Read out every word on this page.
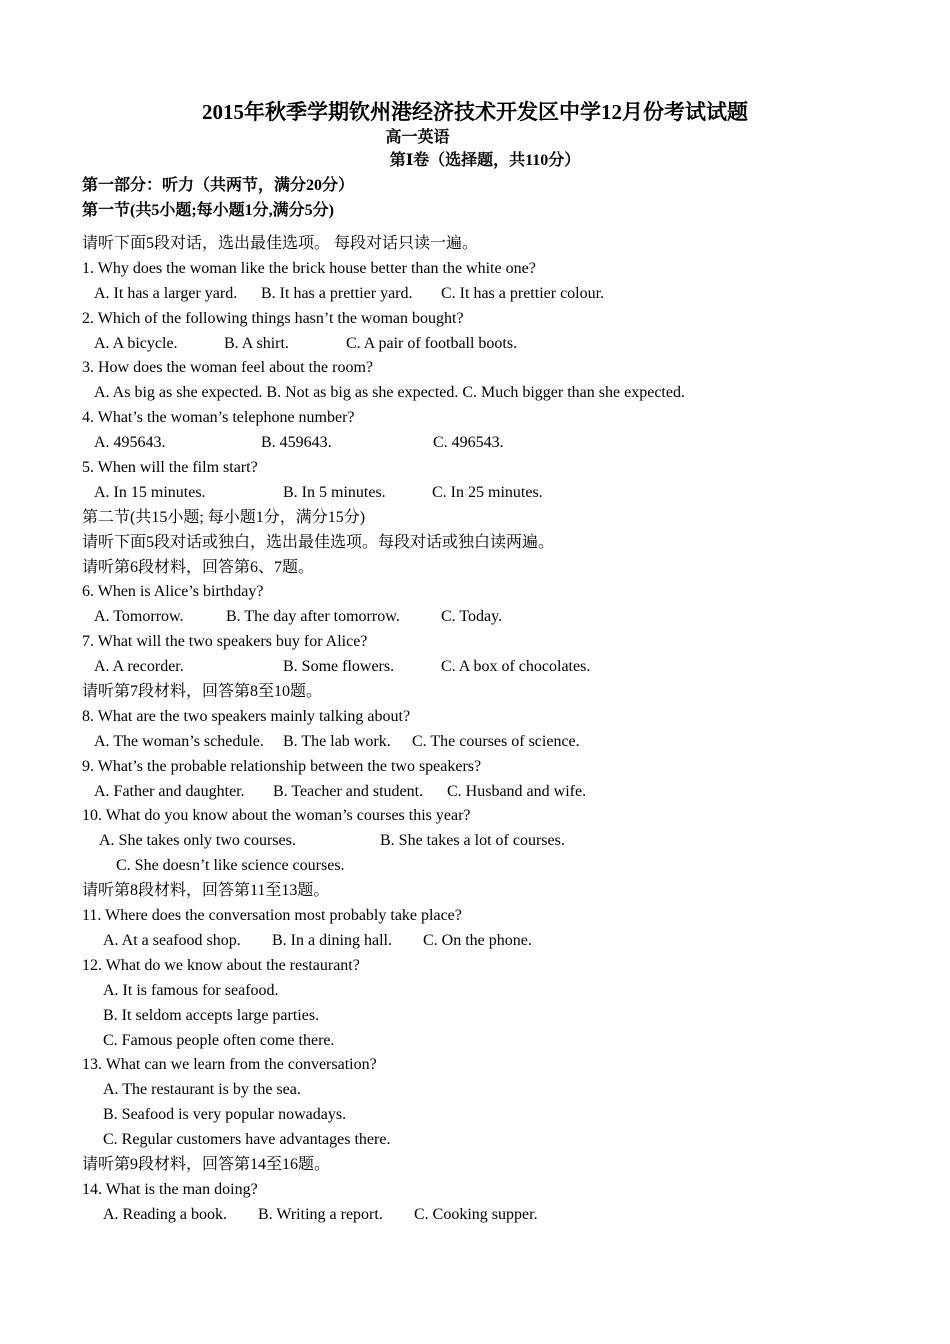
2015年秋季学期钦州港经济技术开发区中学12月份考试试题
高一英语
第Ⅰ卷（选择题，共110分）
第一部分：听力（共两节，满分20分）
第一节(共5小题;每小题1分,满分5分)
请听下面5段对话，选出最佳选项。 每段对话只读一遍。
1. Why does the woman like the brick house better than the white one?
A. It has a larger yard. B. It has a prettier yard. C. It has a prettier colour.
2. Which of the following things hasn’t the woman bought?
A. A bicycle.	B. A shirt.	C. A pair of football boots.
3. How does the woman feel about the room?
A. As big as she expected. B. Not as big as she expected. C. Much bigger than she expected.
4. What’s the woman’s telephone number?
A. 495643.	B. 459643.	C. 496543.
5. When will the film start?
A. In 15 minutes.	B. In 5 minutes.	C. In 25 minutes.
第二节(共15小题; 每小题1分，满分15分)
请听下面5段对话或独白，选出最佳选项。每段对话或独白读两遍。
请听第6段材料，回答第6、7题。
6. When is Alice’s birthday?
A. Tomorrow.	B. The day after tomorrow.	C. Today.
7. What will the two speakers buy for Alice?
A. A recorder.	B. Some flowers.	C. A box of chocolates.
请听第7段材料，回答第8至10题。
8. What are the two speakers mainly talking about?
A. The woman’s schedule. B. The lab work. C. The courses of science.
9. What’s the probable relationship between the two speakers?
A. Father and daughter. B. Teacher and student. C. Husband and wife.
10. What do you know about the woman’s courses this year?
A. She takes only two courses.	B. She takes a lot of courses.
C. She doesn’t like science courses.
请听第8段材料，回答第11至13题。
11. Where does the conversation most probably take place?
A. At a seafood shop. B. In a dining hall. C. On the phone.
12. What do we know about the restaurant?
A. It is famous for seafood.
B. It seldom accepts large parties.
C. Famous people often come there.
13. What can we learn from the conversation?
A. The restaurant is by the sea.
B. Seafood is very popular nowadays.
C. Regular customers have advantages there.
请听第9段材料，回答第14至16题。
14. What is the man doing?
A. Reading a book. B. Writing a report. C. Cooking supper.
